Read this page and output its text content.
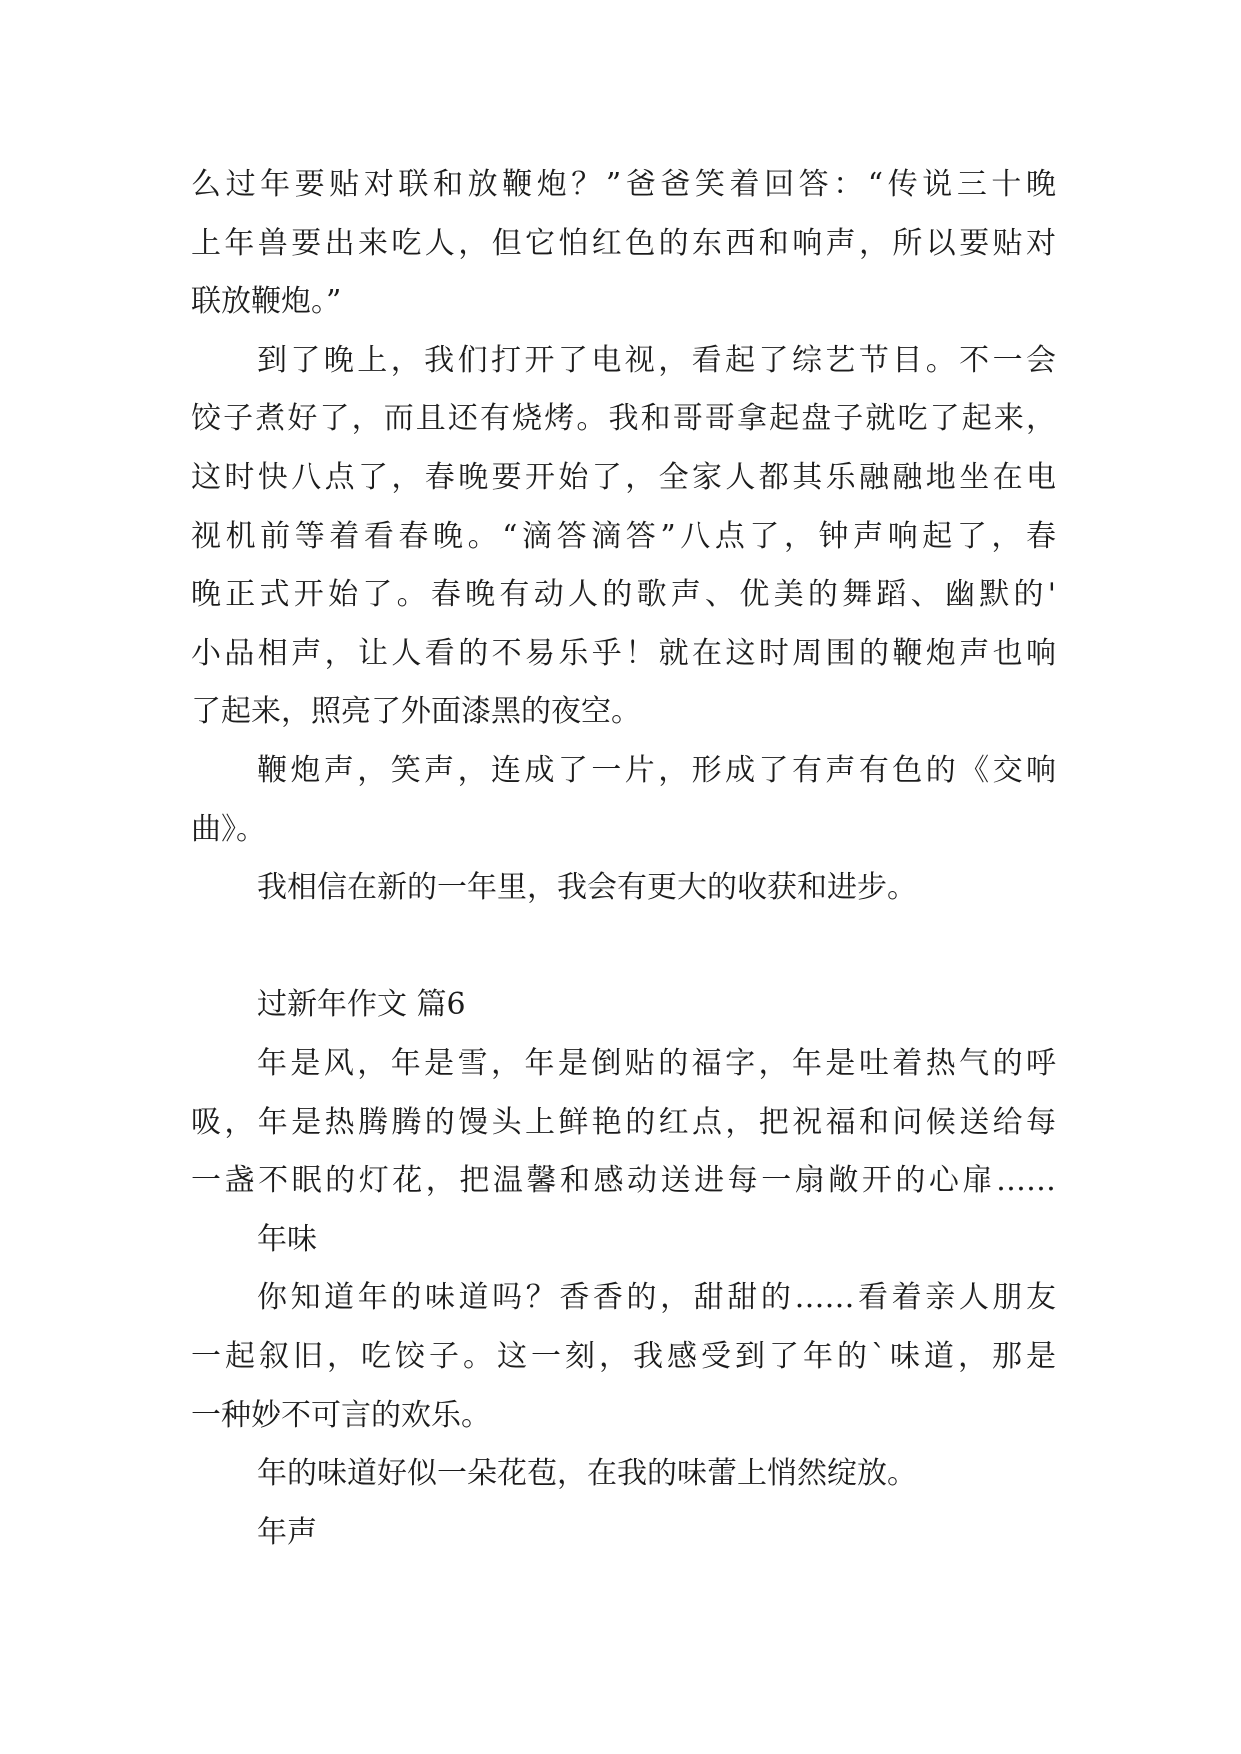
么过年要贴对联和放鞭炮？”爸爸笑着回答：“传说三十晚
上年兽要出来吃人，但它怕红色的东西和响声，所以要贴对
联放鞭炮。”
到了晚上，我们打开了电视，看起了综艺节目。不一会
饺子煮好了，而且还有烧烤。我和哥哥拿起盘子就吃了起来，
这时快八点了，春晚要开始了，全家人都其乐融融地坐在电
视机前等着看春晚。“滴答滴答”八点了，钟声响起了，春
晚正式开始了。春晚有动人的歌声、优美的舞蹈、幽默的'
小品相声，让人看的不易乐乎！就在这时周围的鞭炮声也响
了起来，照亮了外面漆黑的夜空。
鞭炮声，笑声，连成了一片，形成了有声有色的《交响
曲》。
我相信在新的一年里，我会有更大的收获和进步。
过新年作文 篇6
年是风，年是雪，年是倒贴的福字，年是吐着热气的呼
吸，年是热腾腾的馒头上鲜艳的红点，把祝福和问候送给每
一盏不眠的灯花，把温馨和感动送进每一扇敞开的心扉……
年味
你知道年的味道吗？香香的，甜甜的……看着亲人朋友
一起叙旧，吃饺子。这一刻，我感受到了年的`味道，那是
一种妙不可言的欢乐。
年的味道好似一朵花苞，在我的味蕾上悄然绽放。
年声
